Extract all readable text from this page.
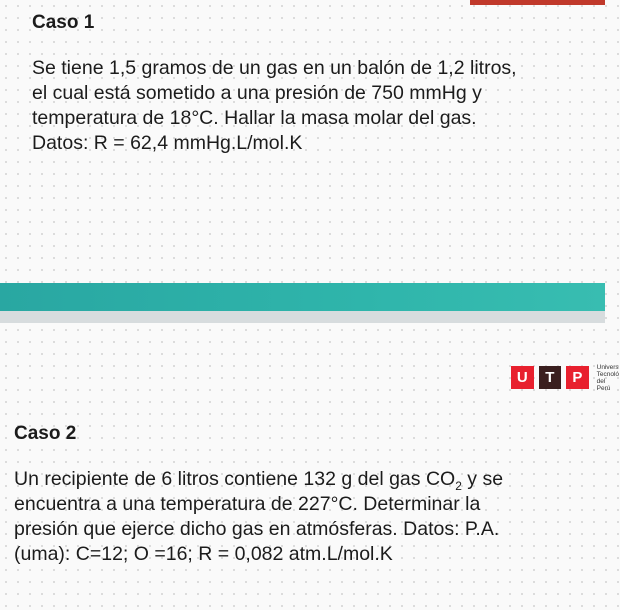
Caso 1
Se tiene 1,5 gramos de un gas en un balón de 1,2 litros,
el cual está sometido a una presión de 750 mmHg y
temperatura de 18°C. Hallar la masa molar del gas.
Datos: R = 62,4 mmHg.L/mol.K
U	T	P
Univers
Tecnoló
del Perú
Caso 2
Un recipiente de 6 litros contiene 132 g del gas $CO_2$ y se
encuentra a una temperatura de 227°C. Determinar la
presión que ejerce dicho gas en atmósferas. Datos: P.A.
(uma): C=12; O =16; R = 0,082 atm.L/mol.K
